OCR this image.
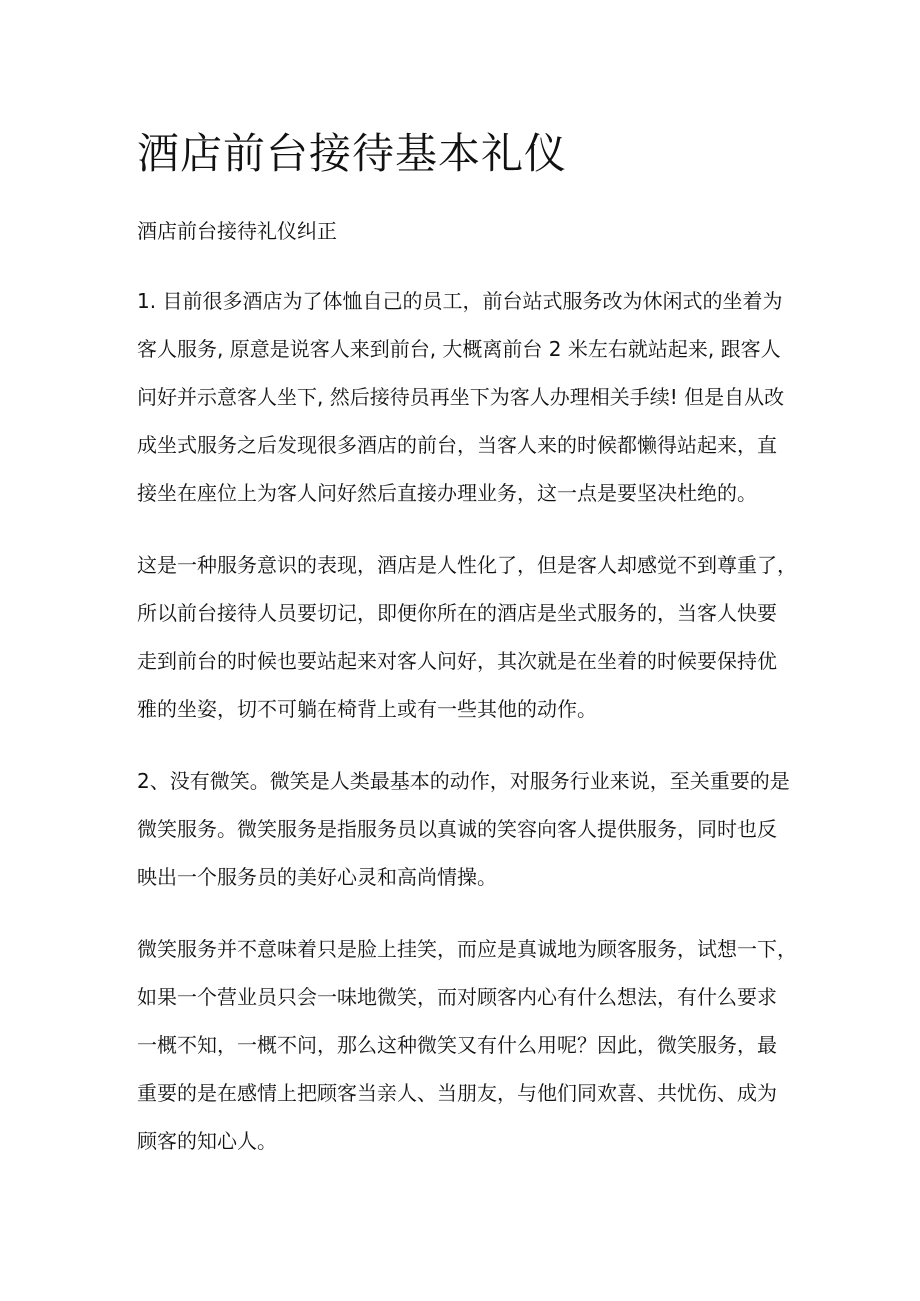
酒店前台接待基本礼仪
酒店前台接待礼仪纠正
1. 目前很多酒店为了体恤自己的员工，前台站式服务改为休闲式的坐着为
客人服务, 原意是说客人来到前台, 大概离前台 2 米左右就站起来, 跟客人
问好并示意客人坐下, 然后接待员再坐下为客人办理相关手续! 但是自从改
成坐式服务之后发现很多酒店的前台，当客人来的时候都懒得站起来，直
接坐在座位上为客人问好然后直接办理业务，这一点是要坚决杜绝的。
这是一种服务意识的表现，酒店是人性化了，但是客人却感觉不到尊重了，
所以前台接待人员要切记，即便你所在的酒店是坐式服务的，当客人快要
走到前台的时候也要站起来对客人问好，其次就是在坐着的时候要保持优
雅的坐姿，切不可躺在椅背上或有一些其他的动作。
2、没有微笑。微笑是人类最基本的动作，对服务行业来说，至关重要的是
微笑服务。微笑服务是指服务员以真诚的笑容向客人提供服务，同时也反
映出一个服务员的美好心灵和高尚情操。
微笑服务并不意味着只是脸上挂笑，而应是真诚地为顾客服务，试想一下，
如果一个营业员只会一味地微笑，而对顾客内心有什么想法，有什么要求
一概不知，一概不问，那么这种微笑又有什么用呢？因此，微笑服务，最
重要的是在感情上把顾客当亲人、当朋友，与他们同欢喜、共忧伤、成为
顾客的知心人。
